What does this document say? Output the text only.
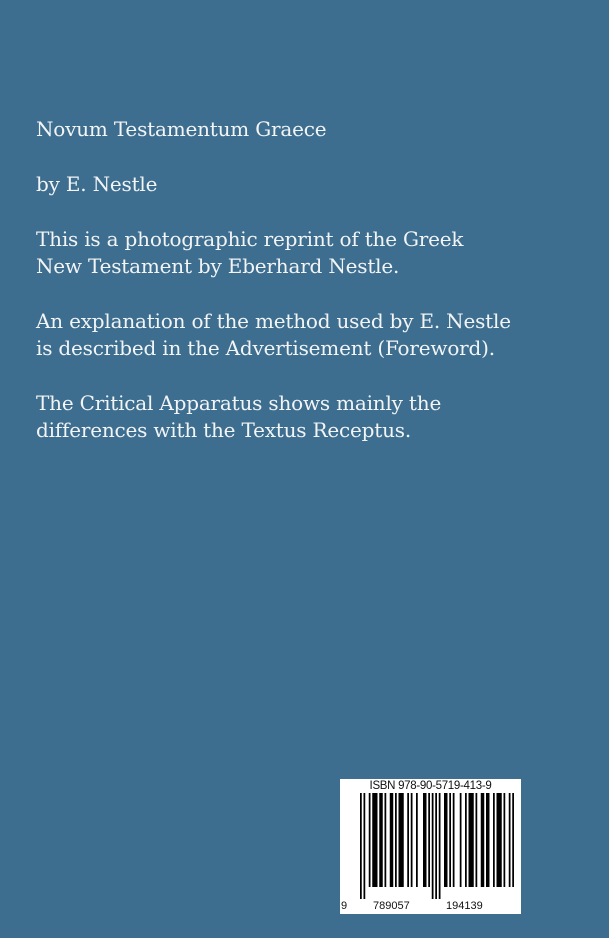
Novum Testamentum Graece

by E. Nestle

This is a photographic reprint of the Greek
New Testament by Eberhard Nestle.

An explanation of the method used by E. Nestle
is described in the Advertisement (Foreword).

The Critical Apparatus shows mainly the
differences with the Textus Receptus.

ISBN 978-90-5719-413-9
9 789057	194139
